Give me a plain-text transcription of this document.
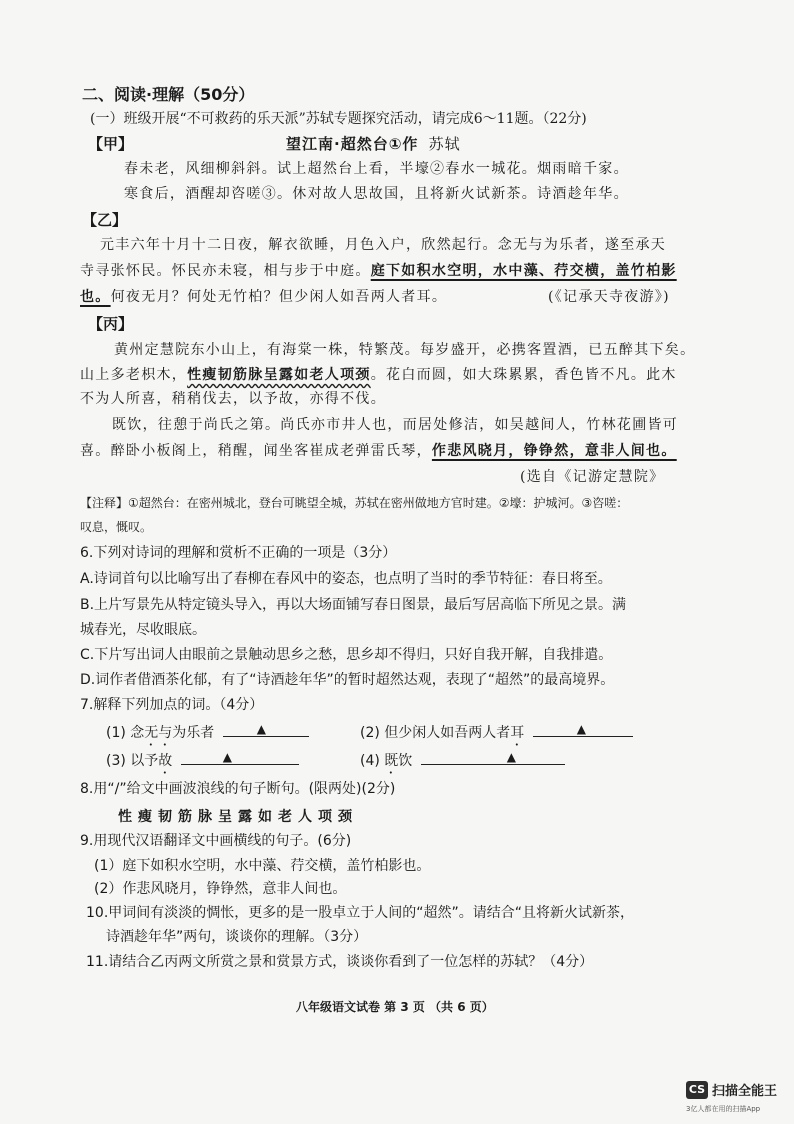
二、阅读·理解（50分）
(一）班级开展“不可救药的乐天派”苏轼专题探究活动，请完成6～11题。（22分)
【甲】	望江南·超然台①作 苏轼
春未老，风细柳斜斜。试上超然台上看，半壕②春水一城花。烟雨暗千家。
寒食后，酒醒却咨嗟③。休对故人思故国，且将新火试新茶。诗酒趁年华。
【乙】
元丰六年十月十二日夜，解衣欲睡，月色入户，欣然起行。念无与为乐者，遂至承天
寺寻张怀民。怀民亦未寝，相与步于中庭。庭下如积水空明，水中藻、荇交横，盖竹柏影
也。何夜无月？何处无竹柏？但少闲人如吾两人者耳。	(《记承天寺夜游》)
【丙】
黄州定慧院东小山上，有海棠一株，特繁茂。每岁盛开，必携客置酒，已五醉其下矣。
山上多老枳木，性瘦韧筋脉呈露如老人项颈。花白而圆，如大珠累累，香色皆不凡。此木
不为人所喜，稍稍伐去，以予故，亦得不伐。
既饮，往憩于尚氏之第。尚氏亦市井人也，而居处修洁，如吴越间人，竹林花圃皆可
喜。醉卧小板阁上，稍醒，闻坐客崔成老弹雷氏琴，作悲风晓月，铮铮然，意非人间也。
(选自《记游定慧院》
【注释】①超然台：在密州城北，登台可眺望全城，苏轼在密州做地方官时建。②壕：护城河。③咨嗟：
叹息，慨叹。
6.下列对诗词的理解和赏析不正确的一项是（3分）
A.诗词首句以比喻写出了春柳在春风中的姿态，也点明了当时的季节特征：春日将至。
B.上片写景先从特定镜头导入，再以大场面铺写春日图景，最后写居高临下所见之景。满
城春光，尽收眼底。
C.下片写出词人由眼前之景触动思乡之愁，思乡却不得归，只好自我开解，自我排遣。
D.词作者借酒茶化郁，有了“诗酒趁年华”的暂时超然达观，表现了“超然”的最高境界。
7.解释下列加点的词。（4分）
(1) 念无与为乐者	▲	(2) 但少闲人如吾两人者耳	▲
(3) 以予故	▲	(4) 既饮	▲
8.用“/”给文中画波浪线的句子断句。(限两处)(2分)
性瘦韧筋脉呈露如老人项颈
9.用现代汉语翻译文中画横线的句子。(6分)
(1）庭下如积水空明，水中藻、荇交横，盖竹柏影也。
(2）作悲风晓月，铮铮然，意非人间也。
10.甲词间有淡淡的惆怅，更多的是一股卓立于人间的“超然”。请结合“且将新火试新茶，
诗酒趁年华”两句，谈谈你的理解。（3分）
11.请结合乙丙两文所赏之景和赏景方式，谈谈你看到了一位怎样的苏轼？（4分）
八年级语文试卷 第 3 页 （共 6 页）
CS 扫描全能王
3亿人都在用的扫描App
